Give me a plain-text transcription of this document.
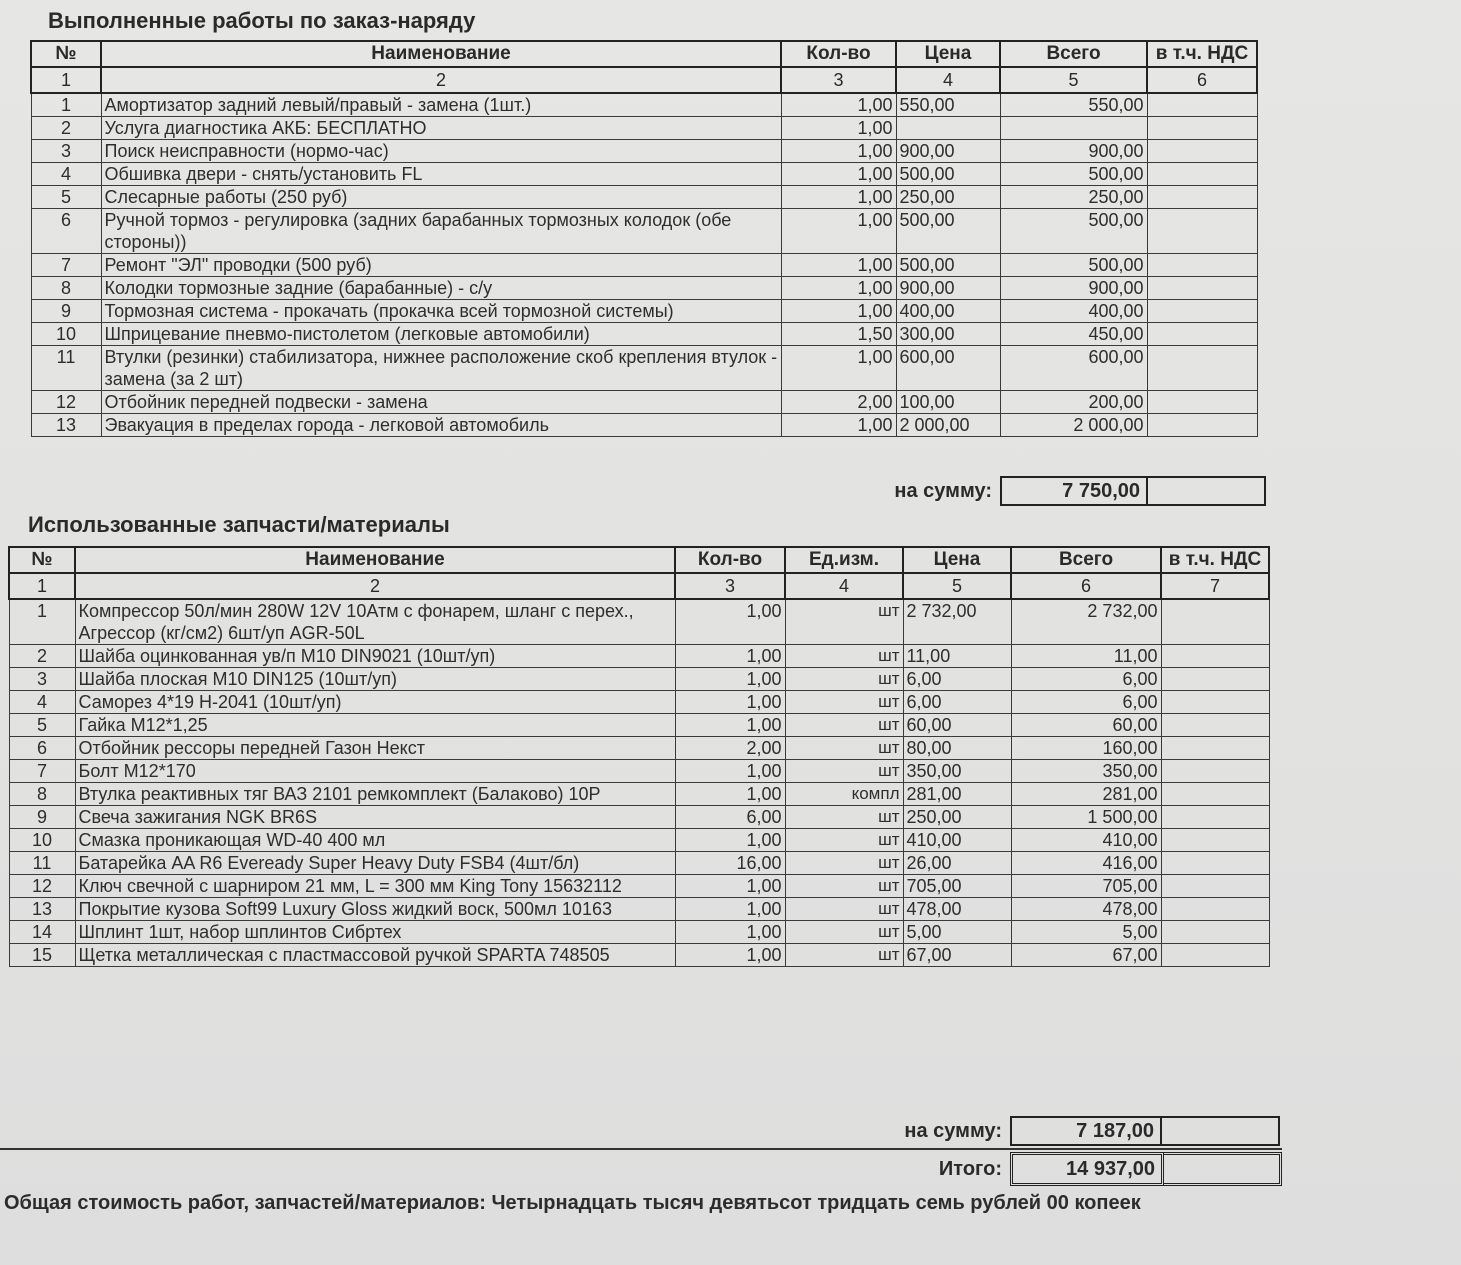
Выполненные работы по заказ-наряду
№	Наименование	Кол-во	Цена	Всего	в т.ч. НДС
1	2	3	4	5	6
1	Амортизатор задний левый/правый - замена (1шт.)	1,00	550,00	550,00	
2	Услуга диагностика АКБ: БЕСПЛАТНО	1,00			
3	Поиск неисправности (нормо-час)	1,00	900,00	900,00	
4	Обшивка двери - снять/установить FL	1,00	500,00	500,00	
5	Слесарные работы (250 руб)	1,00	250,00	250,00	
6	Ручной тормоз - регулировка (задних барабанных тормозных колодок (обе стороны))	1,00	500,00	500,00	
7	Ремонт "ЭЛ" проводки (500 руб)	1,00	500,00	500,00	
8	Колодки тормозные задние (барабанные) - с/у	1,00	900,00	900,00	
9	Тормозная система - прокачать (прокачка всей тормозной системы)	1,00	400,00	400,00	
10	Шприцевание пневмо-пистолетом (легковые автомобили)	1,50	300,00	450,00	
11	Втулки (резинки) стабилизатора, нижнее расположение скоб крепления втулок - замена (за 2 шт)	1,00	600,00	600,00	
12	Отбойник передней подвески - замена	2,00	100,00	200,00	
13	Эвакуация в пределах города - легковой автомобиль	1,00	2 000,00	2 000,00	
на сумму:	7 750,00
Использованные запчасти/материалы
№	Наименование	Кол-во	Ед.изм.	Цена	Всего	в т.ч. НДС
1	2	3	4	5	6	7
1	Компрессор 50л/мин 280W 12V 10Атм с фонарем, шланг с перех., Агрессор (кг/см2) 6шт/уп AGR-50L	1,00	шт	2 732,00	2 732,00	
2	Шайба оцинкованная ув/п М10 DIN9021 (10шт/уп)	1,00	шт	11,00	11,00	
3	Шайба плоская М10 DIN125 (10шт/уп)	1,00	шт	6,00	6,00	
4	Саморез 4*19 Н-2041 (10шт/уп)	1,00	шт	6,00	6,00	
5	Гайка М12*1,25	1,00	шт	60,00	60,00	
6	Отбойник рессоры передней Газон Некст	2,00	шт	80,00	160,00	
7	Болт М12*170	1,00	шт	350,00	350,00	
8	Втулка реактивных тяг ВАЗ 2101 ремкомплект (Балаково) 10Р	1,00	компл	281,00	281,00	
9	Свеча зажигания NGK BR6S	6,00	шт	250,00	1 500,00	
10	Смазка проникающая WD-40 400 мл	1,00	шт	410,00	410,00	
11	Батарейка AA R6 Eveready Super Heavy Duty FSB4 (4шт/бл)	16,00	шт	26,00	416,00	
12	Ключ свечной с шарниром 21 мм, L = 300 мм King Tony 15632112	1,00	шт	705,00	705,00	
13	Покрытие кузова Soft99 Luxury Gloss жидкий воск, 500мл 10163	1,00	шт	478,00	478,00	
14	Шплинт 1шт, набор шплинтов Сибртех	1,00	шт	5,00	5,00	
15	Щетка металлическая с пластмассовой ручкой SPARTA 748505	1,00	шт	67,00	67,00	
на сумму:	7 187,00
Итого:	14 937,00
Общая стоимость работ, запчастей/материалов: Четырнадцать тысяч девятьсот тридцать семь рублей 00 копеек
